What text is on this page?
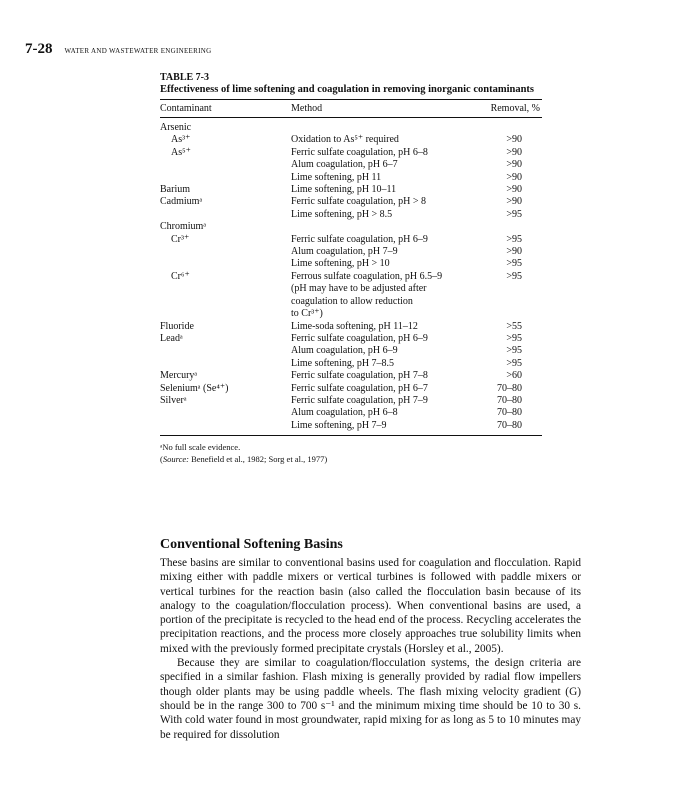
7-28 WATER AND WASTEWATER ENGINEERING
TABLE 7-3
Effectiveness of lime softening and coagulation in removing inorganic contaminants
Contaminant	Method	Removal, %

Arsenic		
As³⁺	Oxidation to As⁵⁺ required	>90
As⁵⁺	Ferric sulfate coagulation, pH 6–8	>90
	Alum coagulation, pH 6–7	>90
	Lime softening, pH 11	>90
Barium	Lime softening, pH 10–11	>90
Cadmiumᵃ	Ferric sulfate coagulation, pH > 8	>90
	Lime softening, pH > 8.5	>95
Chromiumᵃ		
Cr³⁺	Ferric sulfate coagulation, pH 6–9	>95
	Alum coagulation, pH 7–9	>90
	Lime softening, pH > 10	>95
Cr⁶⁺	Ferrous sulfate coagulation, pH 6.5–9	>95
	(pH may have to be adjusted after	
	coagulation to allow reduction	
	to Cr³⁺)	
Fluoride	Lime-soda softening, pH 11–12	>55
Leadᵃ	Ferric sulfate coagulation, pH 6–9	>95
	Alum coagulation, pH 6–9	>95
	Lime softening, pH 7–8.5	>95
Mercuryᵃ	Ferric sulfate coagulation, pH 7–8	>60
Seleniumᵃ (Se⁴⁺)	Ferric sulfate coagulation, pH 6–7	70–80
Silverᵃ	Ferric sulfate coagulation, pH 7–9	70–80
	Alum coagulation, pH 6–8	70–80
	Lime softening, pH 7–9	70–80
ᵃNo full scale evidence.
(Source: Benefield et al., 1982; Sorg et al., 1977)
Conventional Softening Basins

These basins are similar to conventional basins used for coagulation and flocculation. Rapid mixing either with paddle mixers or vertical turbines is followed with paddle mixers or vertical turbines for the reaction basin (also called the flocculation basin because of its analogy to the coagulation/flocculation process). When conventional basins are used, a portion of the precipitate is recycled to the head end of the process. Recycling accelerates the precipitation reactions, and the process more closely approaches true solubility limits when mixed with the previously formed precipitate crystals (Horsley et al., 2005).

Because they are similar to coagulation/flocculation systems, the design criteria are specified in a similar fashion. Flash mixing is generally provided by radial flow impellers though older plants may be using paddle wheels. The flash mixing velocity gradient (G) should be in the range 300 to 700 s⁻¹ and the minimum mixing time should be 10 to 30 s. With cold water found in most groundwater, rapid mixing for as long as 5 to 10 minutes may be required for dissolution
